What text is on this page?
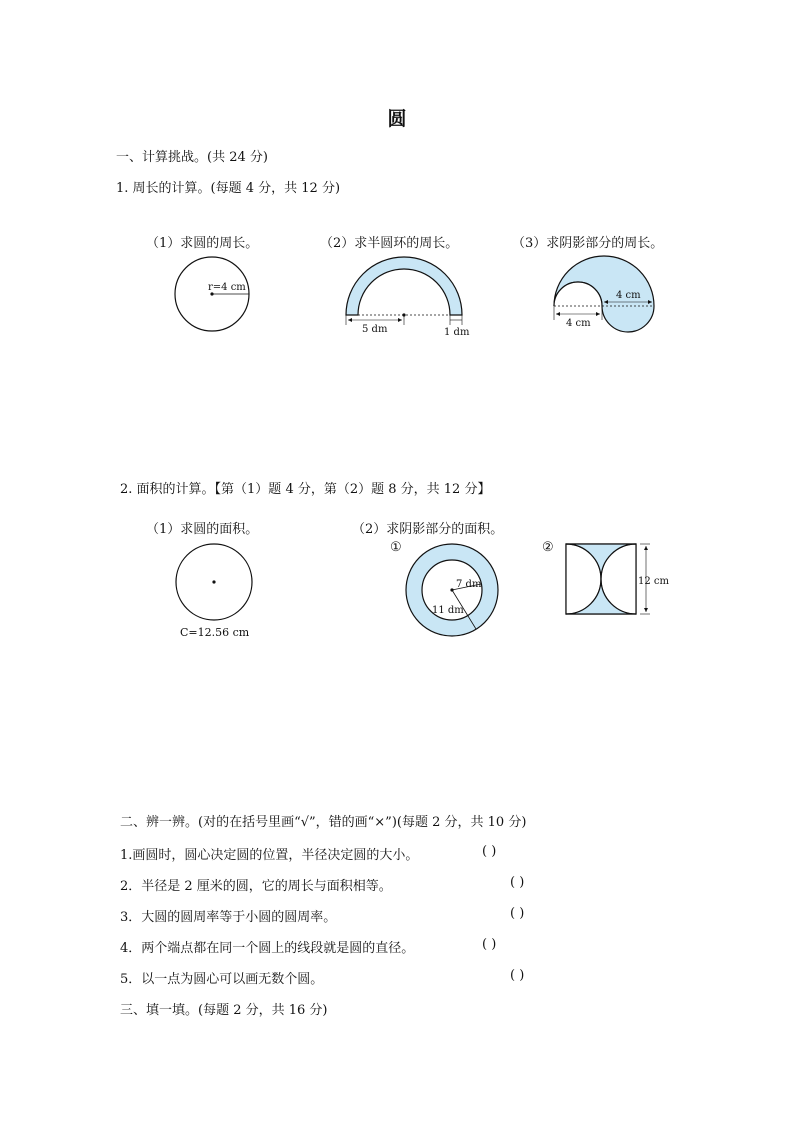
圆
一、计算挑战。(共 24 分)
1. 周长的计算。(每题 4 分，共 12 分)
（1）求圆的周长。	（2）求半圆环的周长。	（3）求阴影部分的周长。
r=4 cm
5 dm	1 dm
4 cm
4 cm
2. 面积的计算。【第（1）题 4 分，第（2）题 8 分，共 12 分】
（1）求圆的面积。	（2）求阴影部分的面积。
C=12.56 cm
①
7 dm
11 dm
②
12 cm
二、辨一辨。(对的在括号里画“√”，错的画“×”)(每题 2 分，共 10 分)
1.画圆时，圆心决定圆的位置，半径决定圆的大小。	( )
2．半径是 2 厘米的圆，它的周长与面积相等。	( )
3．大圆的圆周率等于小圆的圆周率。	( )
4．两个端点都在同一个圆上的线段就是圆的直径。	( )
5．以一点为圆心可以画无数个圆。	( )
三、填一填。(每题 2 分，共 16 分)
